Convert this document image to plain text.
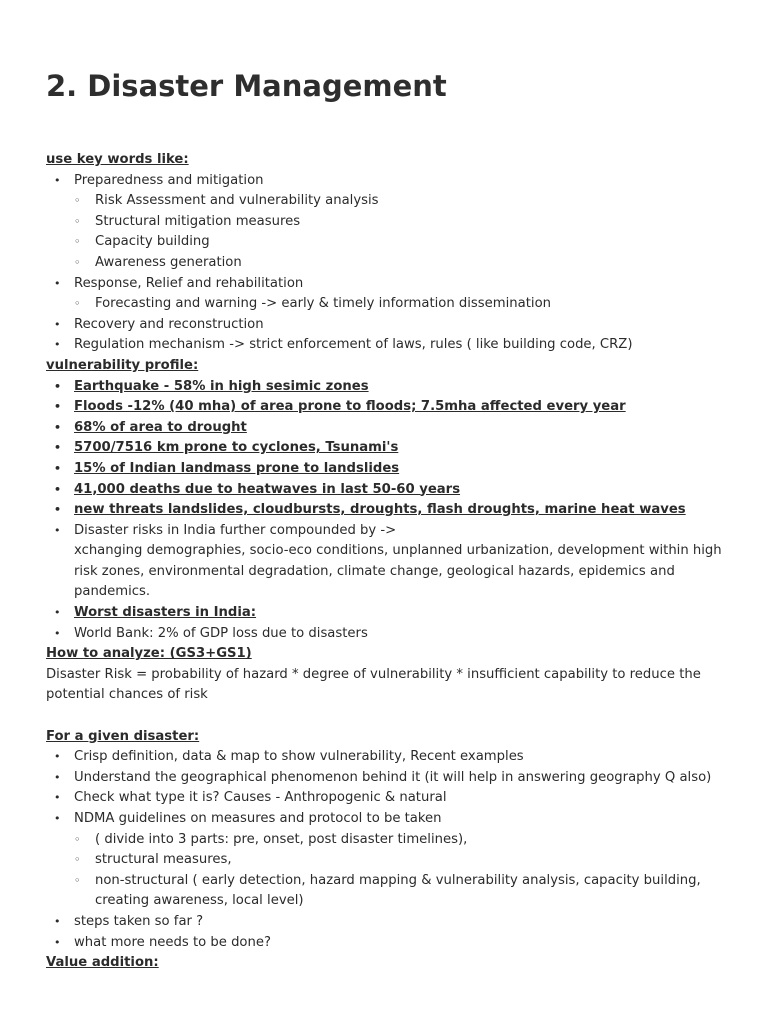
2. Disaster Management

use key words like:

• Preparedness and mitigation
◦ Risk Assessment and vulnerability analysis
◦ Structural mitigation measures
◦ Capacity building
◦ Awareness generation
• Response, Relief and rehabilitation
◦ Forecasting and warning -> early & timely information dissemination
• Recovery and reconstruction
• Regulation mechanism -> strict enforcement of laws, rules ( like building code, CRZ)

vulnerability profile:

• Earthquake - 58% in high sesimic zones
• Floods -12% (40 mha) of area prone to floods; 7.5mha affected every year
• 68% of area to drought
• 5700/7516 km prone to cyclones, Tsunami's
• 15% of Indian landmass prone to landslides
• 41,000 deaths due to heatwaves in last 50-60 years
• new threats landslides, cloudbursts, droughts, flash droughts, marine heat waves
• Disaster risks in India further compounded by ->
xchanging demographies, socio-eco conditions, unplanned urbanization, development within high risk zones, environmental degradation, climate change, geological hazards, epidemics and pandemics.
• Worst disasters in India:
• World Bank: 2% of GDP loss due to disasters

How to analyze: (GS3+GS1)

Disaster Risk = probability of hazard * degree of vulnerability * insufficient capability to reduce the potential chances of risk

For a given disaster:

• Crisp definition, data & map to show vulnerability, Recent examples
• Understand the geographical phenomenon behind it (it will help in answering geography Q also)
• Check what type it is? Causes - Anthropogenic & natural
• NDMA guidelines on measures and protocol to be taken
◦ ( divide into 3 parts: pre, onset, post disaster timelines),
◦ structural measures,
◦ non-structural ( early detection, hazard mapping & vulnerability analysis, capacity building, creating awareness, local level)
• steps taken so far ?
• what more needs to be done?

Value addition:
